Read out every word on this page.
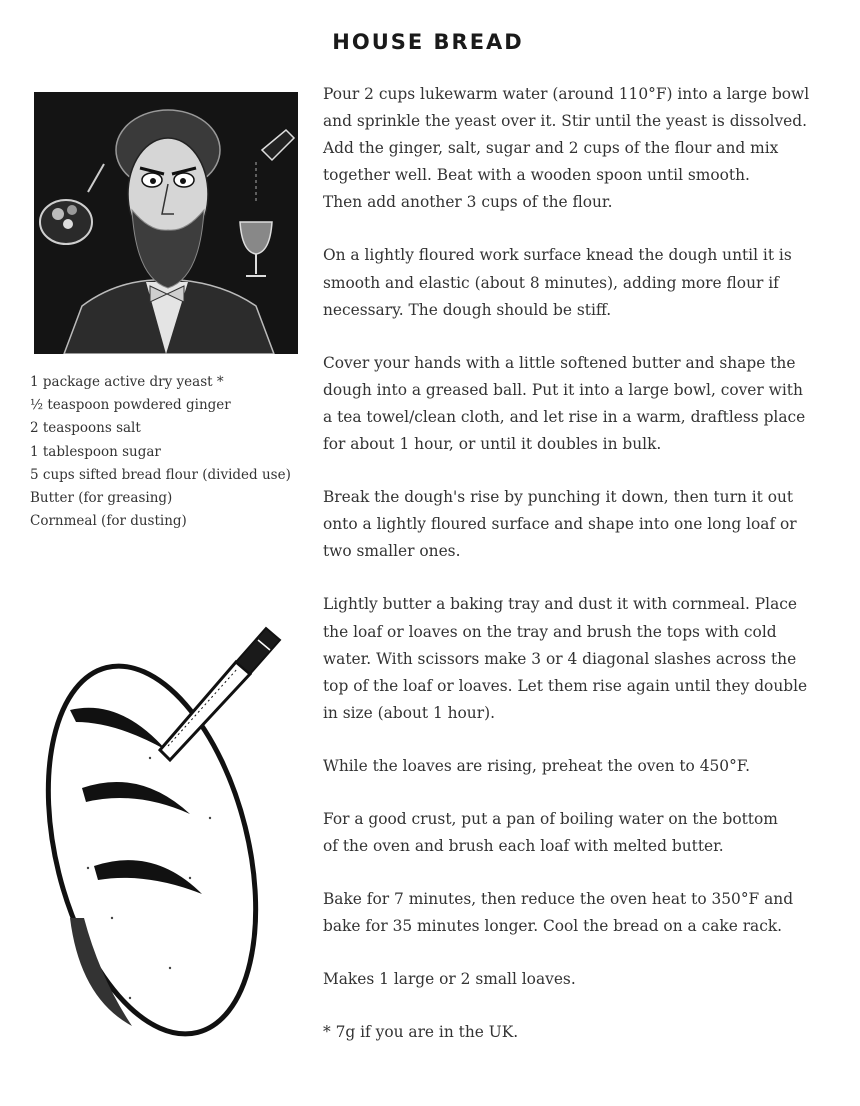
HOUSE BREAD
1 package active dry yeast *
½ teaspoon powdered ginger
2 teaspoons salt
1 tablespoon sugar
5 cups sifted bread flour (divided use)
Butter (for greasing)
Cornmeal (for dusting)

Pour 2 cups lukewarm water (around 110°F) into a large bowl
and sprinkle the yeast over it. Stir until the yeast is dissolved.
Add the ginger, salt, sugar and 2 cups of the flour and mix
together well. Beat with a wooden spoon until smooth.
Then add another 3 cups of the flour.

On a lightly floured work surface knead the dough until it is
smooth and elastic (about 8 minutes), adding more flour if
necessary. The dough should be stiff.

Cover your hands with a little softened butter and shape the
dough into a greased ball. Put it into a large bowl, cover with
a tea towel/clean cloth, and let rise in a warm, draftless place
for about 1 hour, or until it doubles in bulk.

Break the dough's rise by punching it down, then turn it out
onto a lightly floured surface and shape into one long loaf or
two smaller ones.

Lightly butter a baking tray and dust it with cornmeal. Place
the loaf or loaves on the tray and brush the tops with cold
water. With scissors make 3 or 4 diagonal slashes across the
top of the loaf or loaves. Let them rise again until they double
in size (about 1 hour).

While the loaves are rising, preheat the oven to 450°F.

For a good crust, put a pan of boiling water on the bottom
of the oven and brush each loaf with melted butter.

Bake for 7 minutes, then reduce the oven heat to 350°F and
bake for 35 minutes longer. Cool the bread on a cake rack.

Makes 1 large or 2 small loaves.

* 7g if you are in the UK.
